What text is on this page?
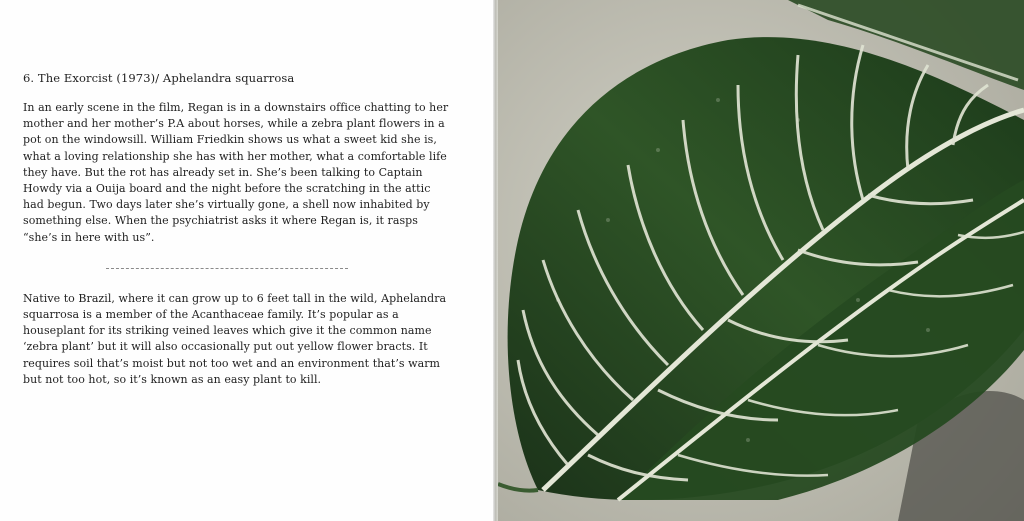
6. The Exorcist (1973)/ Aphelandra squarrosa

In an early scene in the film, Regan is in a downstairs office chatting to her mother and her mother’s P.A about horses, while a zebra plant flowers in a pot on the windowsill. William Friedkin shows us what a sweet kid she is, what a loving relationship she has with her mother, what a comfortable life they have. But the rot has already set in. She’s been talking to Captain Howdy via a Ouija board and the night before the scratching in the attic had begun. Two days later she’s virtually gone, a shell now inhabited by something else. When the psychiatrist asks it where Regan is, it rasps “she’s in here with us”.

Native to Brazil, where it can grow up to 6 feet tall in the wild, Aphelandra squarrosa is a member of the Acanthaceae family. It’s popular as a houseplant for its striking veined leaves which give it the common name ‘zebra plant’ but it will also occasionally put out yellow flower bracts. It requires soil that’s moist but not too wet and an environment that’s warm but not too hot, so it’s known as an easy plant to kill.
